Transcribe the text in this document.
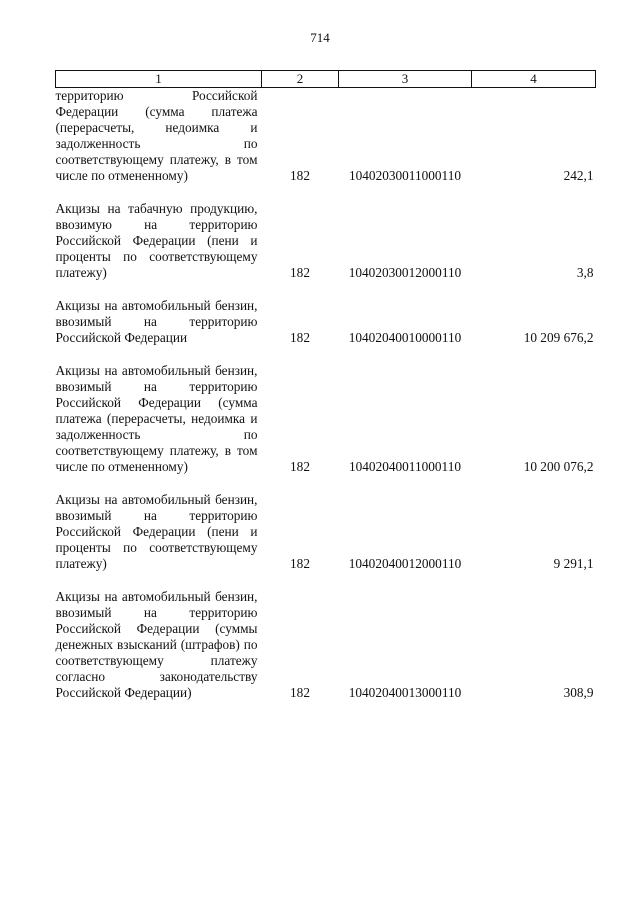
714
1	2	3	4
территорию Российской Федерации (сумма платежа (перерасчеты, недоимка и задолженность по соответствующему платежу, в том числе по отмененному)	182	10402030011000110	242,1

Акцизы на табачную продукцию, ввозимую на территорию Российской Федерации (пени и проценты по соответствующему платежу)	182	10402030012000110	3,8

Акцизы на автомобильный бензин, ввозимый на территорию Российской Федерации	182	10402040010000110	10 209 676,2

Акцизы на автомобильный бензин, ввозимый на территорию Российской Федерации (сумма платежа (перерасчеты, недоимка и задолженность по соответствующему платежу, в том числе по отмененному)	182	10402040011000110	10 200 076,2

Акцизы на автомобильный бензин, ввозимый на территорию Российской Федерации (пени и проценты по соответствующему платежу)	182	10402040012000110	9 291,1

Акцизы на автомобильный бензин, ввозимый на территорию Российской Федерации (суммы денежных взысканий (штрафов) по соответствующему платежу согласно законодательству Российской Федерации)	182	10402040013000110	308,9
